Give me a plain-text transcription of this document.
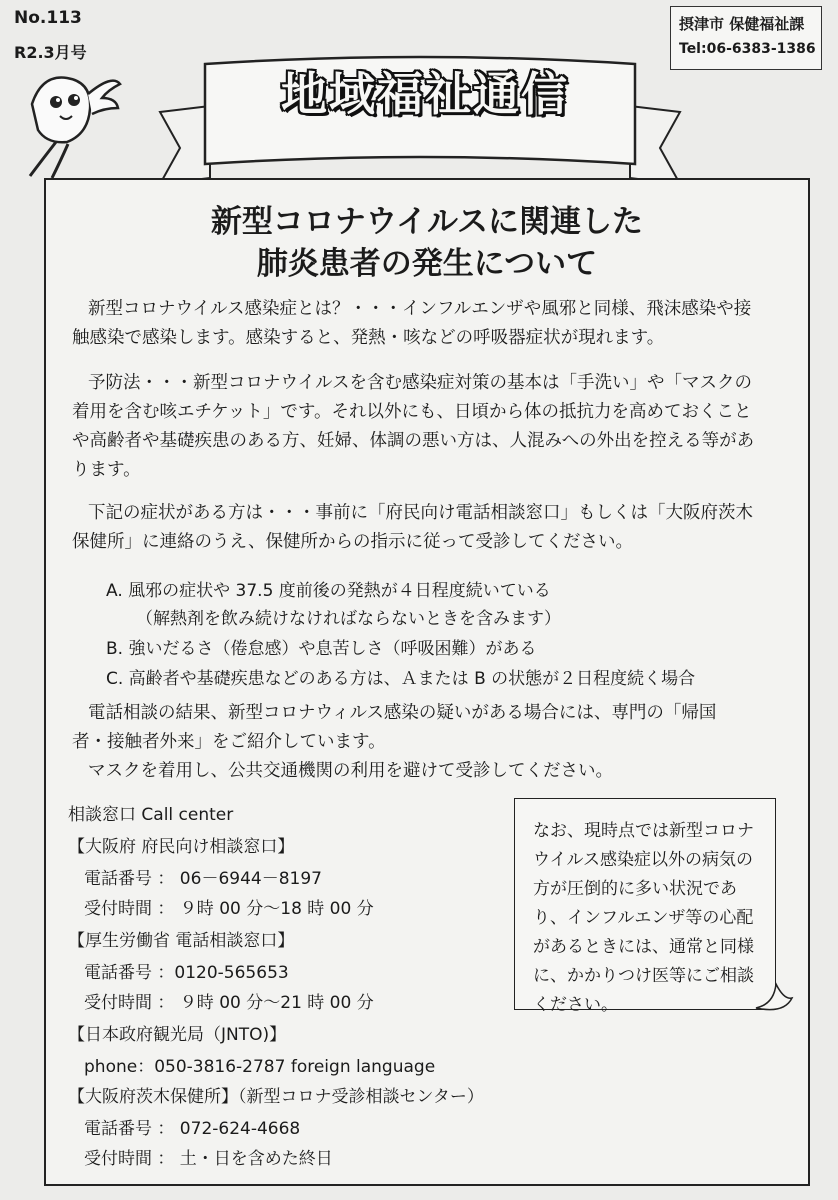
No.113
R2.3月号
摂津市 保健福祉課
Tel:06-6383-1386
地域福祉通信
新型コロナウイルスに関連した
肺炎患者の発生について
新型コロナウイルス感染症とは？・・・インフルエンザや風邪と同様、飛沫感染や接
触感染で感染します。感染すると、発熱・咳などの呼吸器症状が現れます。
予防法・・・新型コロナウイルスを含む感染症対策の基本は「手洗い」や「マスクの
着用を含む咳エチケット」です。それ以外にも、日頃から体の抵抗力を高めておくこと
や高齢者や基礎疾患のある方、妊婦、体調の悪い方は、人混みへの外出を控える等があ
ります。
下記の症状がある方は・・・事前に「府民向け電話相談窓口」もしくは「大阪府茨木
保健所」に連絡のうえ、保健所からの指示に従って受診してください。
A. 風邪の症状や 37.5 度前後の発熱が４日程度続いている
（解熱剤を飲み続けなければならないときを含みます）
B. 強いだるさ（倦怠感）や息苦しさ（呼吸困難）がある
C. 高齢者や基礎疾患などのある方は、Ａまたは B の状態が２日程度続く場合
電話相談の結果、新型コロナウィルス感染の疑いがある場合には、専門の「帰国
者・接触者外来」をご紹介しています。
マスクを着用し、公共交通機関の利用を避けて受診してください。
相談窓口 Call center
【大阪府 府民向け相談窓口】
電話番号 ： 06－6944－8197
受付時間 ： ９時 00 分～18 時 00 分
【厚生労働省 電話相談窓口】
電話番号 ：0120-565653
受付時間 ： ９時 00 分～21 時 00 分
【日本政府観光局（JNTO)】
phone：050-3816-2787 foreign language
【大阪府茨木保健所】（新型コロナ受診相談センター）
電話番号 ： 072-624-4668
受付時間 ： 土・日を含めた終日
なお、現時点では新型コロナウイルス感染症以外の病気の方が圧倒的に多い状況であり、インフルエンザ等の心配があるときには、通常と同様に、かかりつけ医等にご相談ください。
